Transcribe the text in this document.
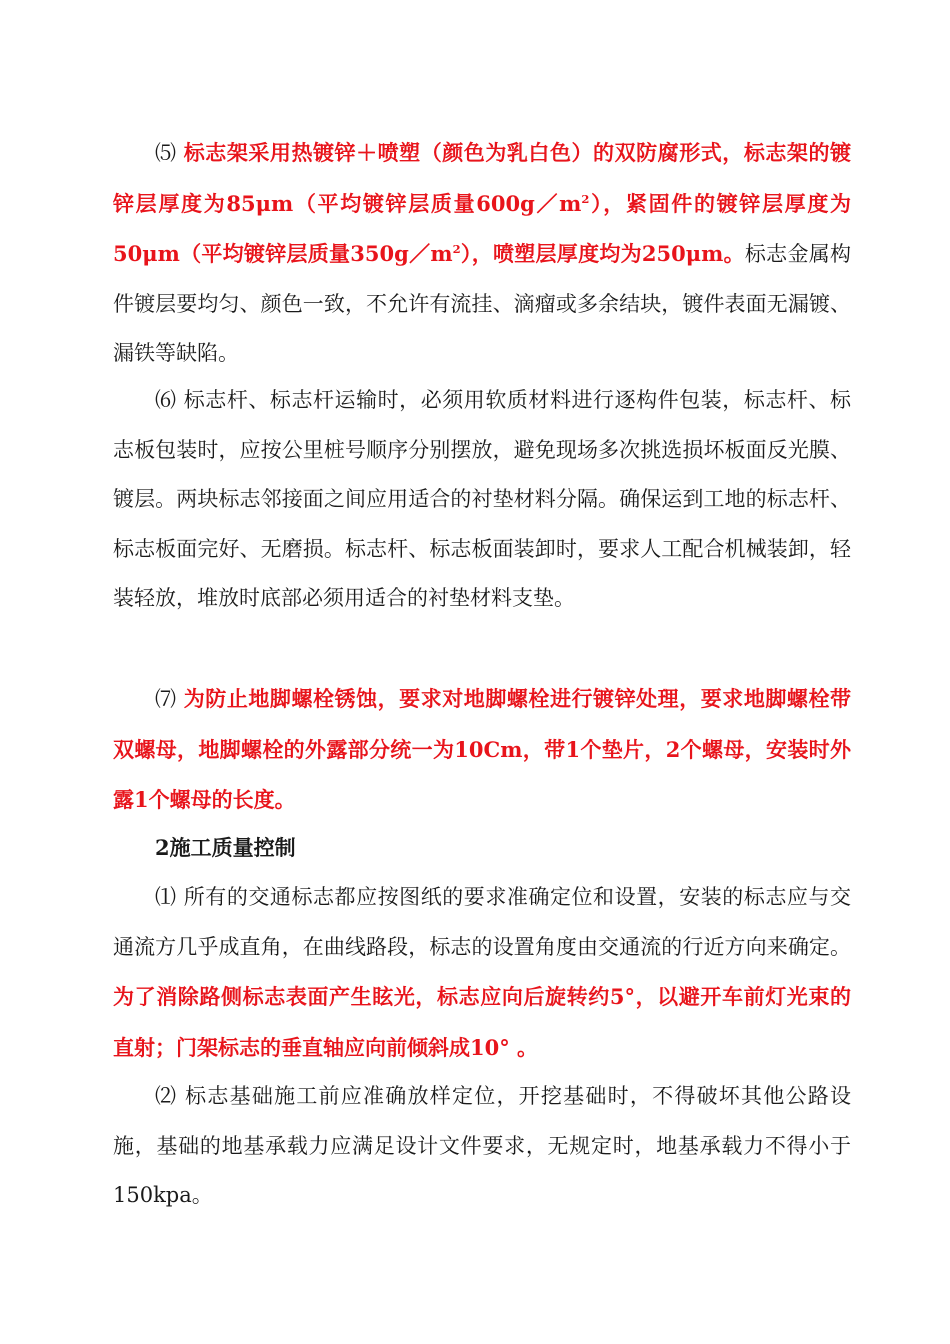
⑸ 标志架采用热镀锌＋喷塑（颜色为乳白色）的双防腐形式，标志架的镀锌层厚度为85μm（平均镀锌层质量$600g/m^2$），紧固件的镀锌层厚度为50μm（平均镀锌层质量$350g/m^2$），喷塑层厚度均为250μm。标志金属构件镀层要均匀、颜色一致，不允许有流挂、滴瘤或多余结块，镀件表面无漏镀、漏铁等缺陷。

⑹ 标志杆、标志杆运输时，必须用软质材料进行逐构件包装，标志杆、标志板包装时，应按公里桩号顺序分别摆放，避免现场多次挑选损坏板面反光膜、镀层。两块标志邻接面之间应用适合的衬垫材料分隔。确保运到工地的标志杆、标志板面完好、无磨损。标志杆、标志板面装卸时，要求人工配合机械装卸，轻装轻放，堆放时底部必须用适合的衬垫材料支垫。

⑺ 为防止地脚螺栓锈蚀，要求对地脚螺栓进行镀锌处理，要求地脚螺栓带双螺母，地脚螺栓的外露部分统一为10Cm，带1个垫片，2个螺母，安装时外露1个螺母的长度。

2施工质量控制

⑴ 所有的交通标志都应按图纸的要求准确定位和设置，安装的标志应与交通流方几乎成直角，在曲线路段，标志的设置角度由交通流的行近方向来确定。为了消除路侧标志表面产生眩光，标志应向后旋转约5°，以避开车前灯光束的直射；门架标志的垂直轴应向前倾斜成10° 。

⑵ 标志基础施工前应准确放样定位，开挖基础时，不得破坏其他公路设施，基础的地基承载力应满足设计文件要求，无规定时，地基承载力不得小于150kpa。
